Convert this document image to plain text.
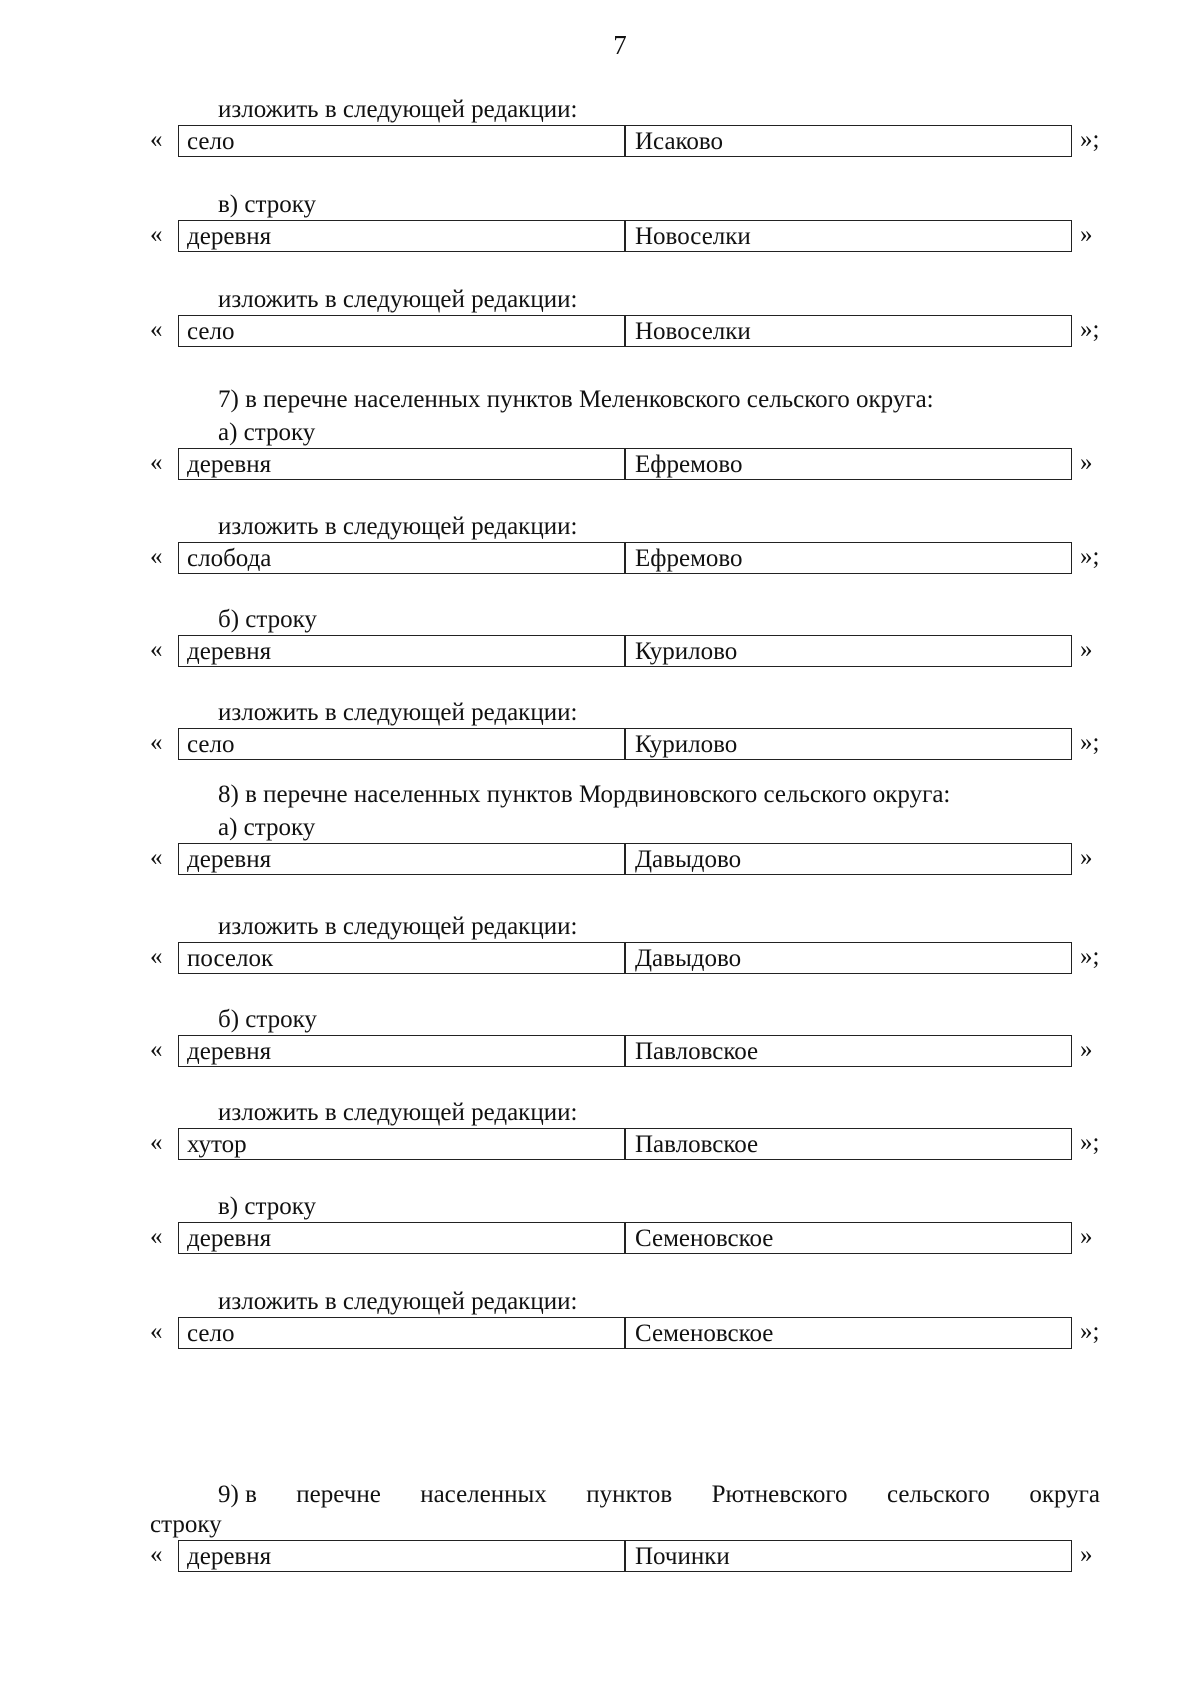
7
изложить в следующей редакции:
« село	Исаково	»;
в) строку
« деревня	Новоселки	»
изложить в следующей редакции:
« село	Новоселки	»;
7) в перечне населенных пунктов Меленковского сельского округа:
а) строку
« деревня	Ефремово	»
изложить в следующей редакции:
« слобода	Ефремово	»;
б) строку
« деревня	Курилово	»
изложить в следующей редакции:
« село	Курилово	»;
8) в перечне населенных пунктов Мордвиновского сельского округа:
а) строку
« деревня	Давыдово	»
изложить в следующей редакции:
« поселок	Давыдово	»;
б) строку
« деревня	Павловское	»
изложить в следующей редакции:
« хутор	Павловское	»;
в) строку
« деревня	Семеновское	»
изложить в следующей редакции:
« село	Семеновское	»;
9) в перечне населенных пунктов Рютневского сельского округа
строку
« деревня	Починки	»
